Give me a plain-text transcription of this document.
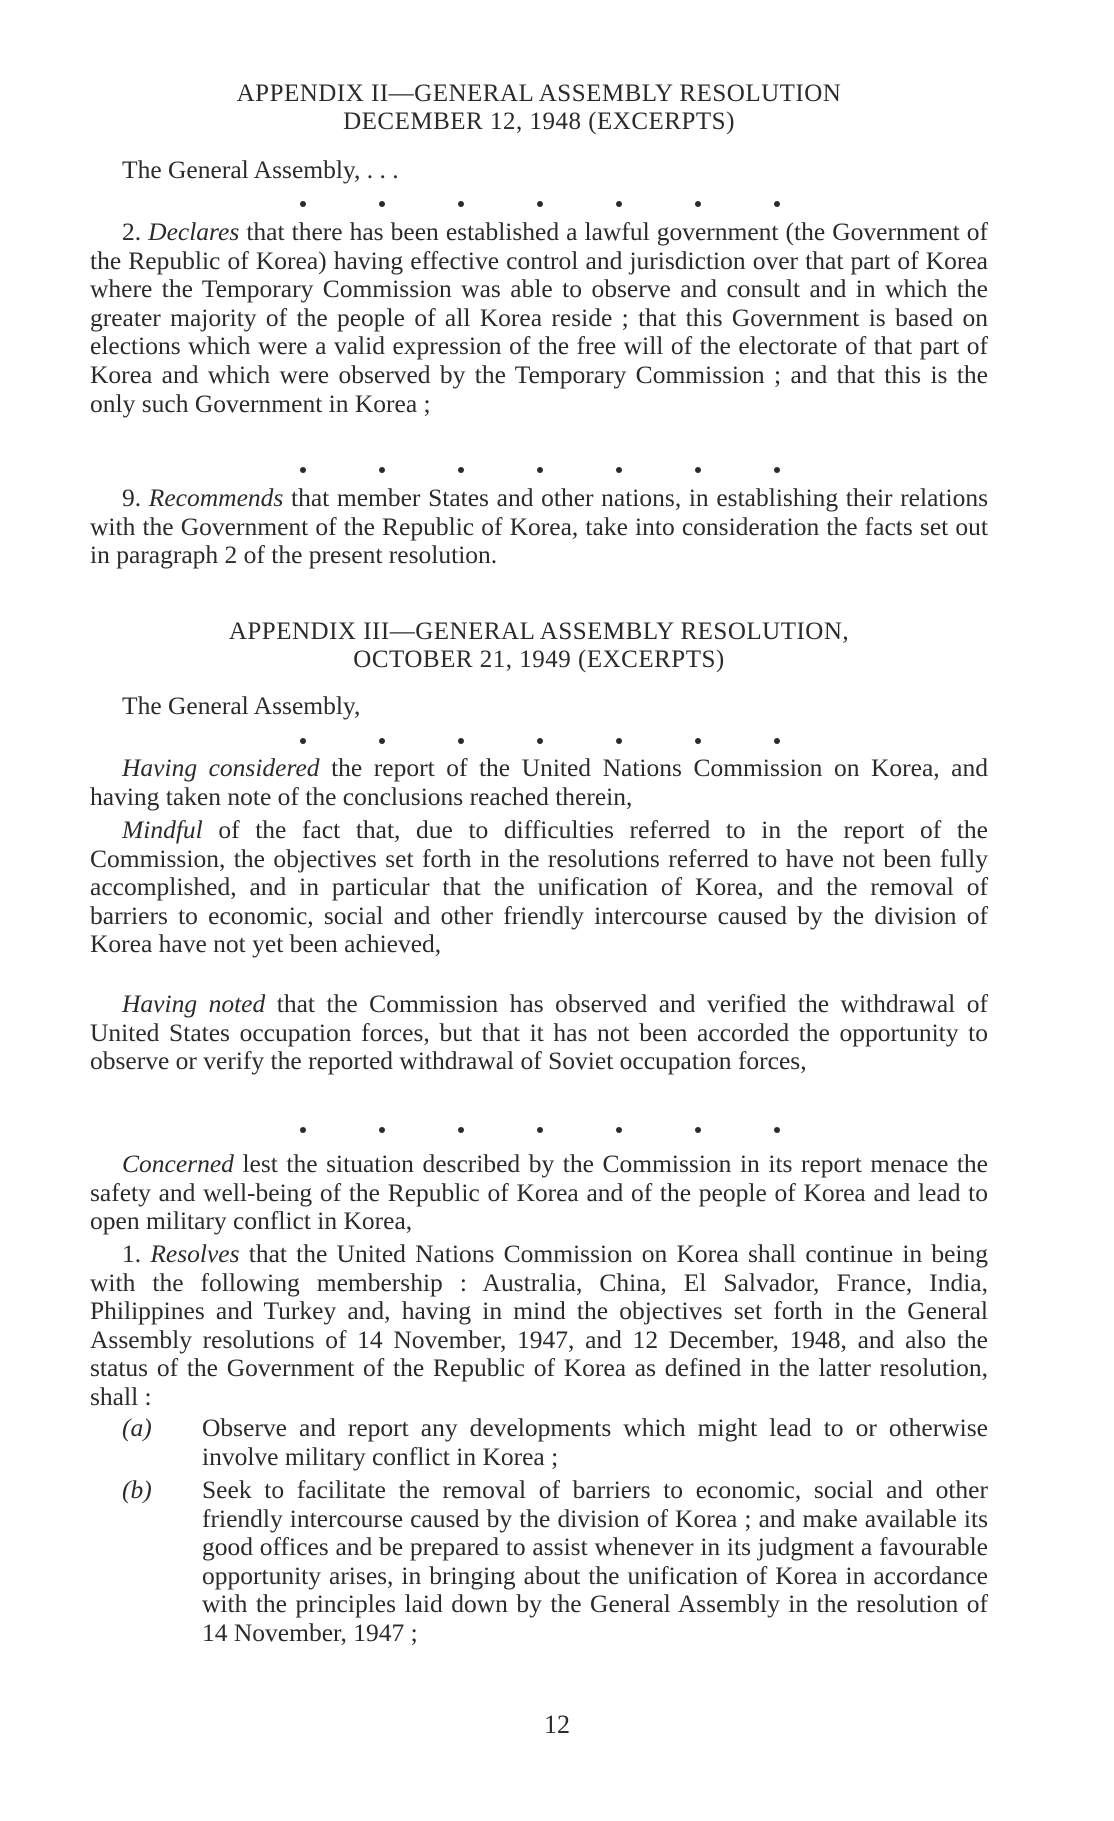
APPENDIX II—GENERAL ASSEMBLY RESOLUTION
DECEMBER 12, 1948 (EXCERPTS)
The General Assembly, . . .

2. Declares that there has been established a lawful government (the Government of the Republic of Korea) having effective control and jurisdiction over that part of Korea where the Temporary Commission was able to observe and consult and in which the greater majority of the people of all Korea reside ; that this Government is based on elections which were a valid expression of the free will of the electorate of that part of Korea and which were observed by the Temporary Commission ; and that this is the only such Government in Korea ;

9. Recommends that member States and other nations, in establishing their relations with the Government of the Republic of Korea, take into consideration the facts set out in paragraph 2 of the present resolution.

APPENDIX III—GENERAL ASSEMBLY RESOLUTION,
OCTOBER 21, 1949 (EXCERPTS)
The General Assembly,

Having considered the report of the United Nations Commission on Korea, and having taken note of the conclusions reached therein,

Mindful of the fact that, due to difficulties referred to in the report of the Commission, the objectives set forth in the resolutions referred to have not been fully accomplished, and in particular that the unification of Korea, and the removal of barriers to economic, social and other friendly intercourse caused by the division of Korea have not yet been achieved,

Having noted that the Commission has observed and verified the withdrawal of United States occupation forces, but that it has not been accorded the opportunity to observe or verify the reported withdrawal of Soviet occupation forces,

Concerned lest the situation described by the Commission in its report menace the safety and well-being of the Republic of Korea and of the people of Korea and lead to open military conflict in Korea,

1. Resolves that the United Nations Commission on Korea shall continue in being with the following membership : Australia, China, El Salvador, France, India, Philippines and Turkey and, having in mind the objectives set forth in the General Assembly resolutions of 14 November, 1947, and 12 December, 1948, and also the status of the Government of the Republic of Korea as defined in the latter resolution, shall :

(a) Observe and report any developments which might lead to or otherwise involve military conflict in Korea ;

(b) Seek to facilitate the removal of barriers to economic, social and other friendly intercourse caused by the division of Korea ; and make available its good offices and be prepared to assist whenever in its judgment a favourable opportunity arises, in bringing about the unification of Korea in accordance with the principles laid down by the General Assembly in the resolution of 14 November, 1947 ;

12
